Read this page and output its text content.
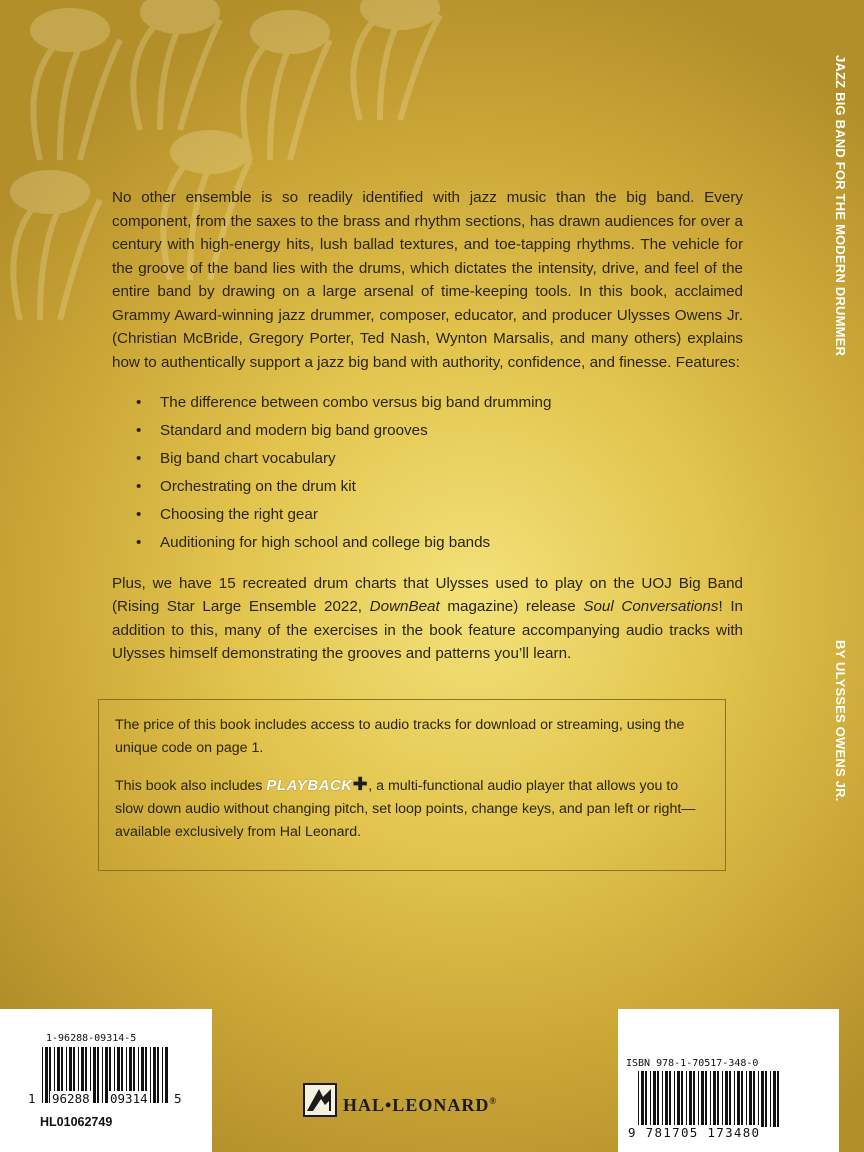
JAZZ BIG BAND FOR THE MODERN DRUMMER
BY ULYSSES OWENS JR.

No other ensemble is so readily identified with jazz music than the big band. Every component, from the saxes to the brass and rhythm sections, has drawn audiences for over a century with high-energy hits, lush ballad textures, and toe-tapping rhythms. The vehicle for the groove of the band lies with the drums, which dictates the intensity, drive, and feel of the entire band by drawing on a large arsenal of time-keeping tools. In this book, acclaimed Grammy Award-winning jazz drummer, composer, educator, and producer Ulysses Owens Jr. (Christian McBride, Gregory Porter, Ted Nash, Wynton Marsalis, and many others) explains how to authentically support a jazz big band with authority, confidence, and finesse. Features:

• The difference between combo versus big band drumming
• Standard and modern big band grooves
• Big band chart vocabulary
• Orchestrating on the drum kit
• Choosing the right gear
• Auditioning for high school and college big bands

Plus, we have 15 recreated drum charts that Ulysses used to play on the UOJ Big Band (Rising Star Large Ensemble 2022, DownBeat magazine) release Soul Conversations! In addition to this, many of the exercises in the book feature accompanying audio tracks with Ulysses himself demonstrating the grooves and patterns you’ll learn.

The price of this book includes access to audio tracks for download or streaming, using the unique code on page 1.

This book also includes PLAYBACK✚, a multi-functional audio player that allows you to slow down audio without changing pitch, set loop points, change keys, and pan left or right—available exclusively from Hal Leonard.

1-96288-09314-5
1 96288 09314 5
HL01062749
HAL•LEONARD®
ISBN 978-1-70517-348-0
9 781705 173480
